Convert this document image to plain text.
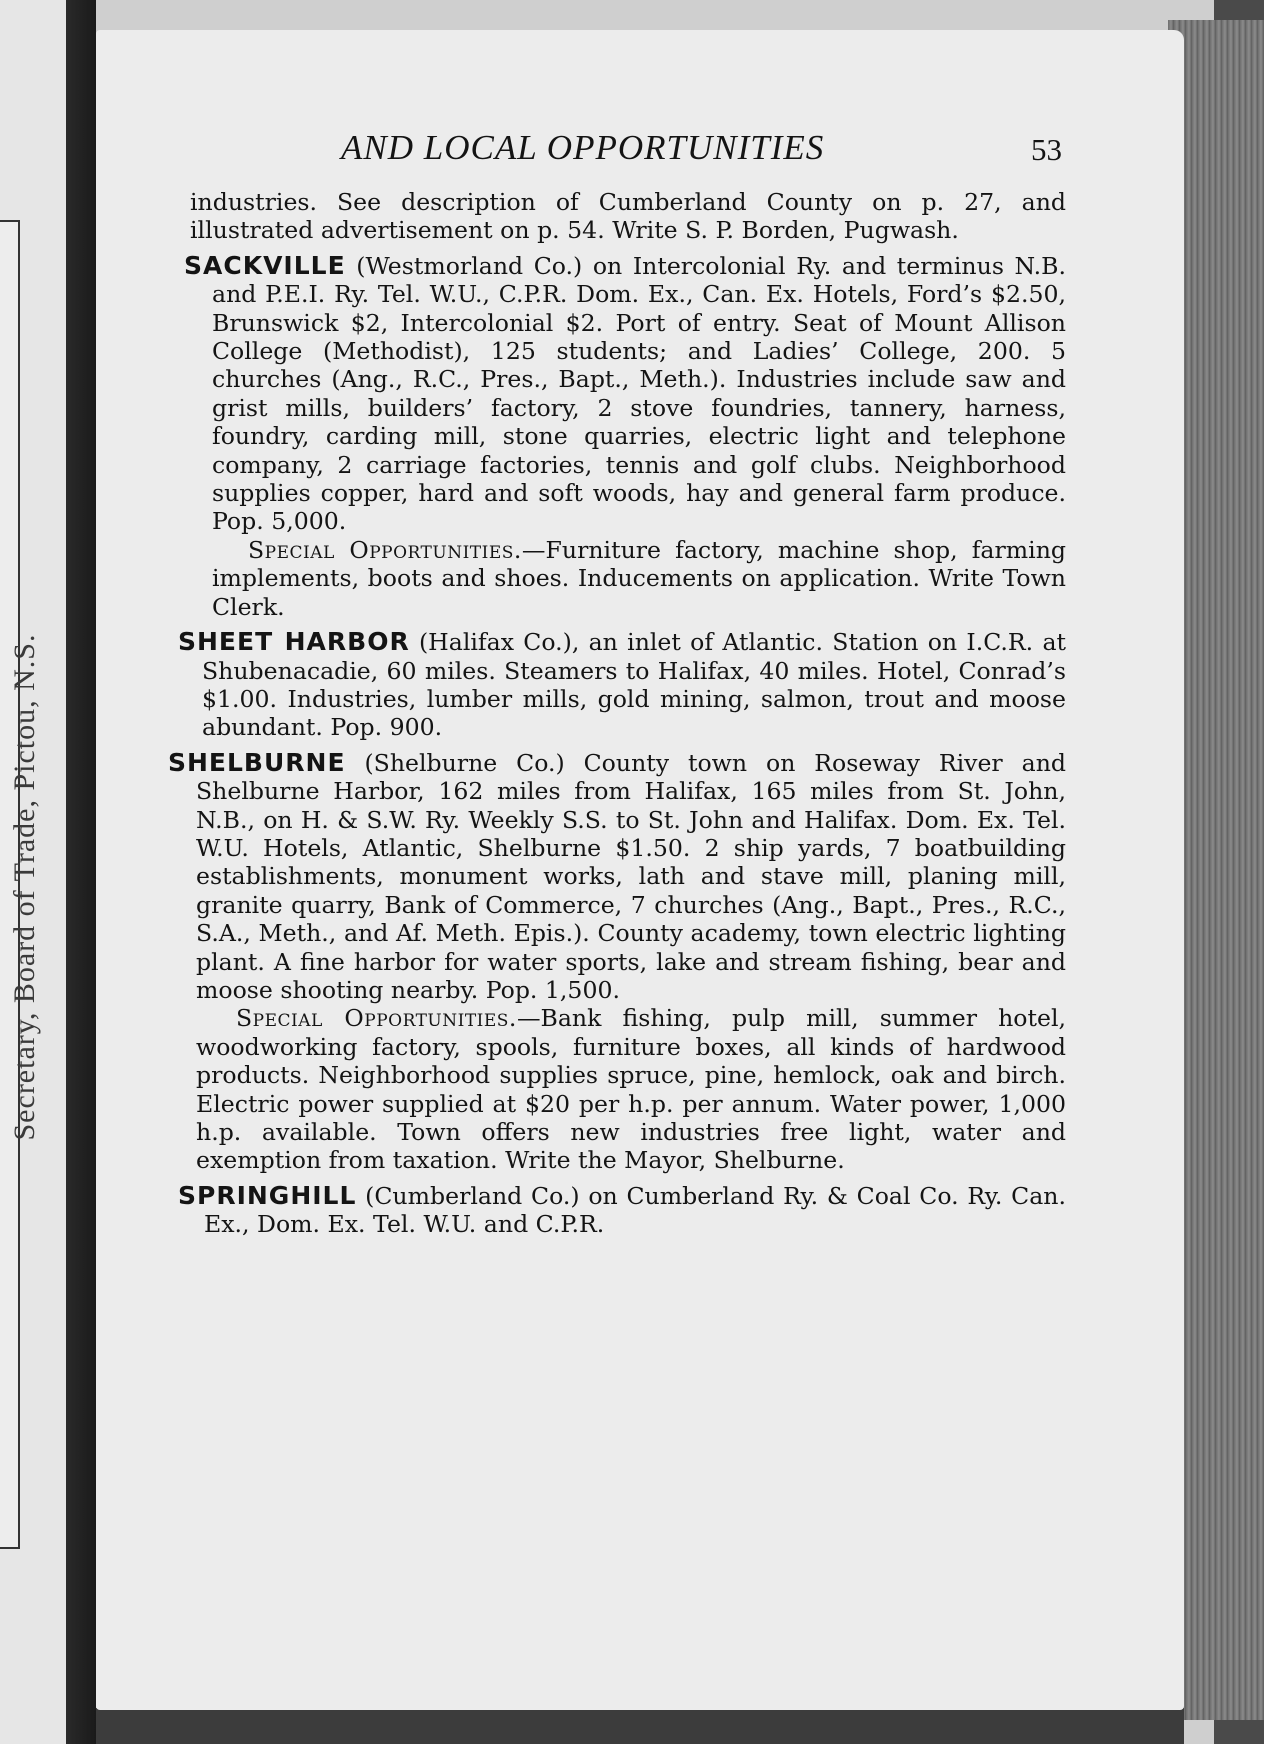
Secretary, Board of Trade, Pictou, N.S.
AND LOCAL OPPORTUNITIES	53

industries. See description of Cumberland County on p. 27, and illustrated advertisement on p. 54. Write S. P. Borden, Pugwash.

SACKVILLE (Westmorland Co.) on Intercolonial Ry. and terminus N.B. and P.E.I. Ry. Tel. W.U., C.P.R. Dom. Ex., Can. Ex. Hotels, Ford’s $2.50, Brunswick $2, Intercolonial $2. Port of entry. Seat of Mount Allison College (Methodist), 125 students; and Ladies’ College, 200. 5 churches (Ang., R.C., Pres., Bapt., Meth.). Industries include saw and grist mills, builders’ factory, 2 stove foundries, tannery, harness, foundry, carding mill, stone quarries, electric light and telephone company, 2 carriage factories, tennis and golf clubs. Neighborhood supplies copper, hard and soft woods, hay and general farm produce. Pop. 5,000.

Special Opportunities.—Furniture factory, machine shop, farming implements, boots and shoes. Inducements on application. Write Town Clerk.

SHEET HARBOR (Halifax Co.), an inlet of Atlantic. Station on I.C.R. at Shubenacadie, 60 miles. Steamers to Halifax, 40 miles. Hotel, Conrad’s $1.00. Industries, lumber mills, gold mining, salmon, trout and moose abundant. Pop. 900.

SHELBURNE (Shelburne Co.) County town on Roseway River and Shelburne Harbor, 162 miles from Halifax, 165 miles from St. John, N.B., on H. & S.W. Ry. Weekly S.S. to St. John and Halifax. Dom. Ex. Tel. W.U. Hotels, Atlantic, Shelburne $1.50. 2 ship yards, 7 boatbuilding establishments, monument works, lath and stave mill, planing mill, granite quarry, Bank of Commerce, 7 churches (Ang., Bapt., Pres., R.C., S.A., Meth., and Af. Meth. Epis.). County academy, town electric lighting plant. A fine harbor for water sports, lake and stream fishing, bear and moose shooting nearby. Pop. 1,500.

Special Opportunities.—Bank fishing, pulp mill, summer hotel, woodworking factory, spools, furniture boxes, all kinds of hardwood products. Neighborhood supplies spruce, pine, hemlock, oak and birch. Electric power supplied at $20 per h.p. per annum. Water power, 1,000 h.p. available. Town offers new industries free light, water and exemption from taxation. Write the Mayor, Shelburne.

SPRINGHILL (Cumberland Co.) on Cumberland Ry. & Coal Co. Ry. Can. Ex., Dom. Ex. Tel. W.U. and C.P.R.
